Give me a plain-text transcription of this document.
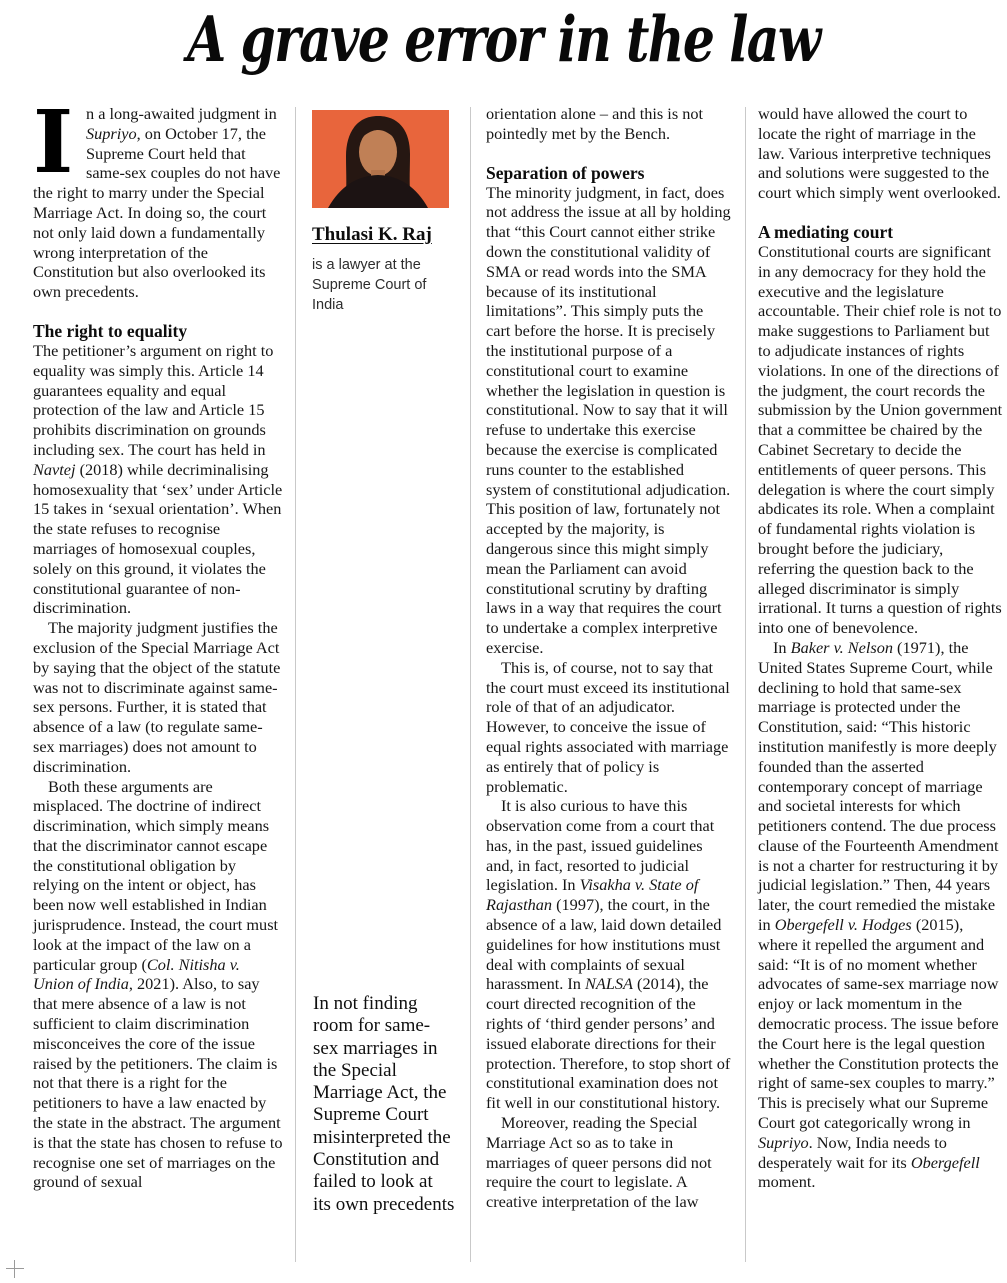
A grave error in the law

In a long-awaited judgment in Supriyo, on October 17, the Supreme Court held that same-sex couples do not have the right to marry under the Special Marriage Act. In doing so, the court not only laid down a fundamentally wrong interpretation of the Constitution but also overlooked its own precedents.

The right to equality

The petitioner’s argument on right to equality was simply this. Article 14 guarantees equality and equal protection of the law and Article 15 prohibits discrimination on grounds including sex. The court has held in Navtej (2018) while decriminalising homosexuality that ‘sex’ under Article 15 takes in ‘sexual orientation’. When the state refuses to recognise marriages of homosexual couples, solely on this ground, it violates the constitutional guarantee of non-discrimination.

The majority judgment justifies the exclusion of the Special Marriage Act by saying that the object of the statute was not to discriminate against same-sex persons. Further, it is stated that absence of a law (to regulate same-sex marriages) does not amount to discrimination.

Both these arguments are misplaced. The doctrine of indirect discrimination, which simply means that the discriminator cannot escape the constitutional obligation by relying on the intent or object, has been now well established in Indian jurisprudence. Instead, the court must look at the impact of the law on a particular group (Col. Nitisha v. Union of India, 2021). Also, to say that mere absence of a law is not sufficient to claim discrimination misconceives the core of the issue raised by the petitioners. The claim is not that there is a right for the petitioners to have a law enacted by the state in the abstract. The argument is that the state has chosen to refuse to recognise one set of marriages on the ground of sexual

Thulasi K. Raj
is a lawyer at the Supreme Court of India
In not finding room for same-sex marriages in the Special Marriage Act, the Supreme Court misinterpreted the Constitution and failed to look at its own precedents

orientation alone – and this is not pointedly met by the Bench.

Separation of powers

The minority judgment, in fact, does not address the issue at all by holding that “this Court cannot either strike down the constitutional validity of SMA or read words into the SMA because of its institutional limitations”. This simply puts the cart before the horse. It is precisely the institutional purpose of a constitutional court to examine whether the legislation in question is constitutional. Now to say that it will refuse to undertake this exercise because the exercise is complicated runs counter to the established system of constitutional adjudication. This position of law, fortunately not accepted by the majority, is dangerous since this might simply mean the Parliament can avoid constitutional scrutiny by drafting laws in a way that requires the court to undertake a complex interpretive exercise.

This is, of course, not to say that the court must exceed its institutional role of that of an adjudicator. However, to conceive the issue of equal rights associated with marriage as entirely that of policy is problematic.

It is also curious to have this observation come from a court that has, in the past, issued guidelines and, in fact, resorted to judicial legislation. In Visakha v. State of Rajasthan (1997), the court, in the absence of a law, laid down detailed guidelines for how institutions must deal with complaints of sexual harassment. In NALSA (2014), the court directed recognition of the rights of ‘third gender persons’ and issued elaborate directions for their protection. Therefore, to stop short of constitutional examination does not fit well in our constitutional history.

Moreover, reading the Special Marriage Act so as to take in marriages of queer persons did not require the court to legislate. A creative interpretation of the law

would have allowed the court to locate the right of marriage in the law. Various interpretive techniques and solutions were suggested to the court which simply went overlooked.

A mediating court

Constitutional courts are significant in any democracy for they hold the executive and the legislature accountable. Their chief role is not to make suggestions to Parliament but to adjudicate instances of rights violations. In one of the directions of the judgment, the court records the submission by the Union government that a committee be chaired by the Cabinet Secretary to decide the entitlements of queer persons. This delegation is where the court simply abdicates its role. When a complaint of fundamental rights violation is brought before the judiciary, referring the question back to the alleged discriminator is simply irrational. It turns a question of rights into one of benevolence.

In Baker v. Nelson (1971), the United States Supreme Court, while declining to hold that same-sex marriage is protected under the Constitution, said: “This historic institution manifestly is more deeply founded than the asserted contemporary concept of marriage and societal interests for which petitioners contend. The due process clause of the Fourteenth Amendment is not a charter for restructuring it by judicial legislation.” Then, 44 years later, the court remedied the mistake in Obergefell v. Hodges (2015), where it repelled the argument and said: “It is of no moment whether advocates of same-sex marriage now enjoy or lack momentum in the democratic process. The issue before the Court here is the legal question whether the Constitution protects the right of same-sex couples to marry.” This is precisely what our Supreme Court got categorically wrong in Supriyo. Now, India needs to desperately wait for its Obergefell moment.
